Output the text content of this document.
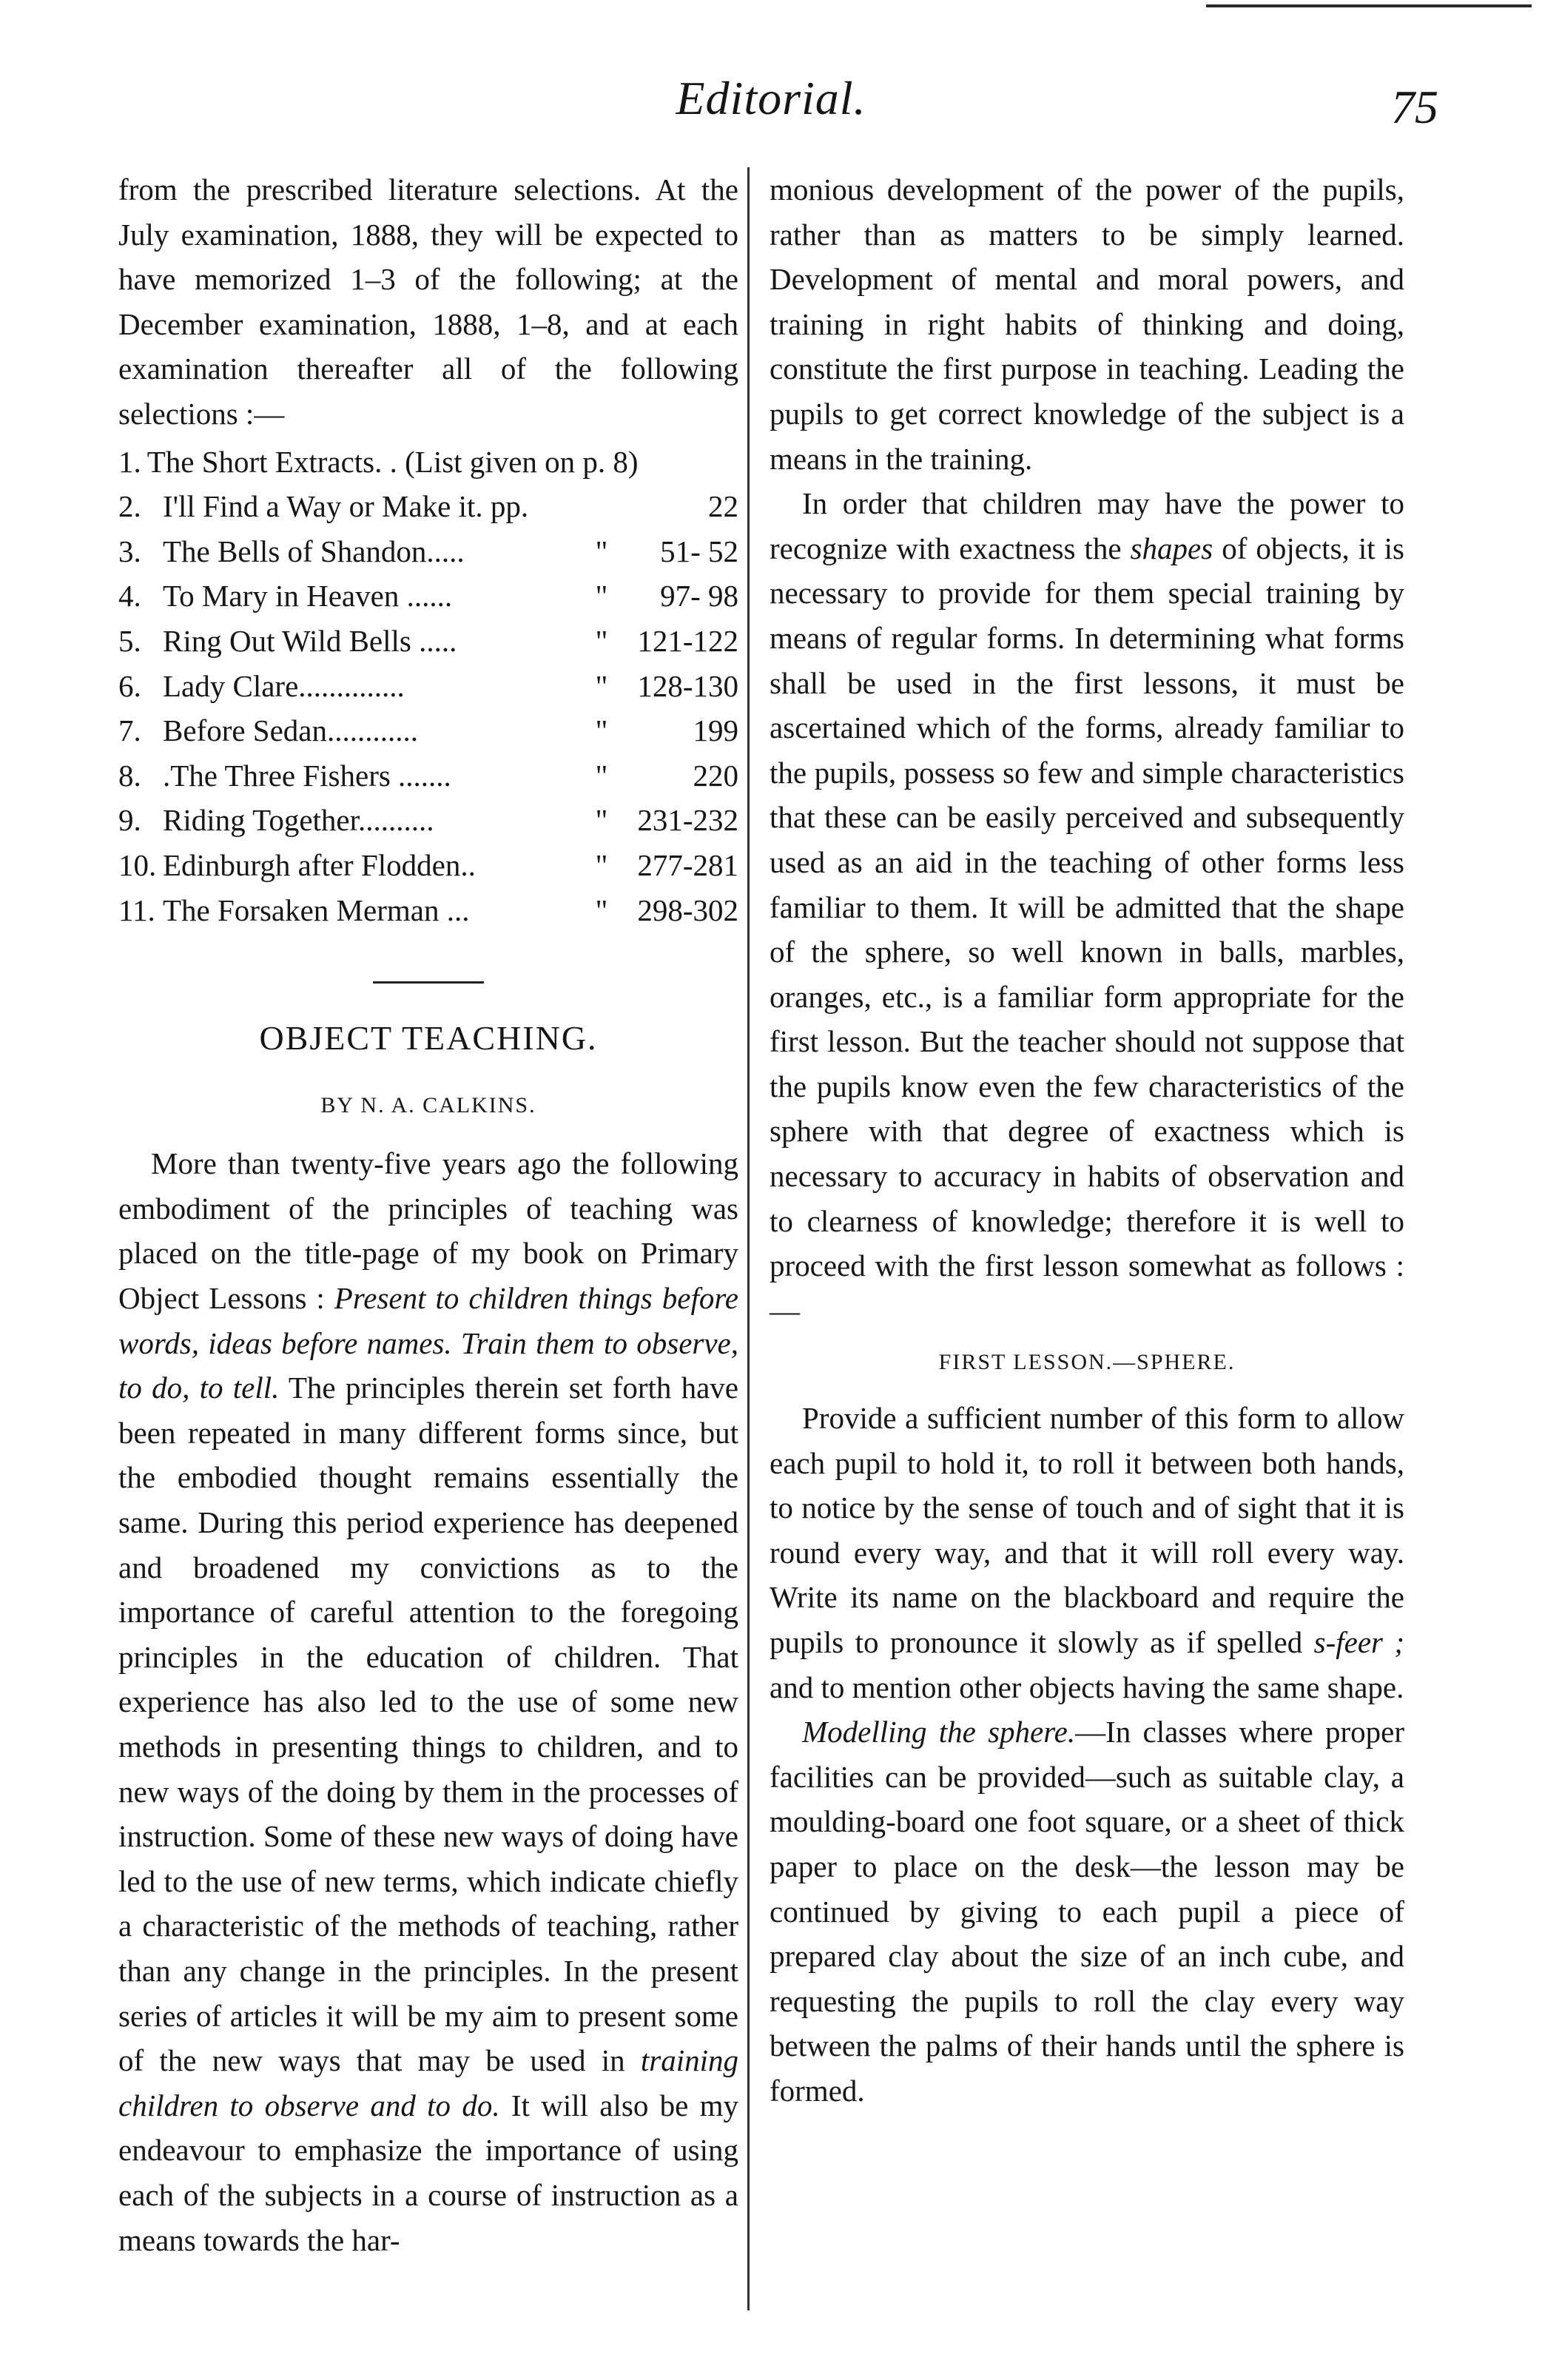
Editorial.	75

from the prescribed literature selections. At the July examination, 1888, they will be expected to have memorized 1–3 of the following; at the December examination, 1888, 1–8, and at each examination thereafter all of the following selections :—

1. The Short Extracts. . (List given on p. 8)
2. I'll Find a Way or Make it. pp.	22
3. The Bells of Shandon.....	"	51- 52
4. To Mary in Heaven ......	"	97- 98
5. Ring Out Wild Bells .....	" 121-122
6. Lady Clare..............	" 128-130
7. Before Sedan............	"	199
8. .The Three Fishers .......	"	220
9. Riding Together..........	" 231-232
10. Edinburgh after Flodden..	" 277-281
11. The Forsaken Merman ...	" 298-302
OBJECT TEACHING.
BY N. A. CALKINS.

More than twenty-five years ago the following embodiment of the principles of teaching was placed on the title-page of my book on Primary Object Lessons : Present to children things before words, ideas before names. Train them to observe, to do, to tell. The principles therein set forth have been repeated in many different forms since, but the embodied thought remains essentially the same. During this period experience has deepened and broadened my convictions as to the importance of careful attention to the foregoing principles in the education of children. That experience has also led to the use of some new methods in presenting things to children, and to new ways of the doing by them in the processes of instruction. Some of these new ways of doing have led to the use of new terms, which indicate chiefly a characteristic of the methods of teaching, rather than any change in the principles. In the present series of articles it will be my aim to present some of the new ways that may be used in training children to observe and to do. It will also be my endeavour to emphasize the importance of using each of the subjects in a course of instruction as a means towards the har-

monious development of the power of the pupils, rather than as matters to be simply learned. Development of mental and moral powers, and training in right habits of thinking and doing, constitute the first purpose in teaching. Leading the pupils to get correct knowledge of the subject is a means in the training.

In order that children may have the power to recognize with exactness the shapes of objects, it is necessary to provide for them special training by means of regular forms. In determining what forms shall be used in the first lessons, it must be ascertained which of the forms, already familiar to the pupils, possess so few and simple characteristics that these can be easily perceived and subsequently used as an aid in the teaching of other forms less familiar to them. It will be admitted that the shape of the sphere, so well known in balls, marbles, oranges, etc., is a familiar form appropriate for the first lesson. But the teacher should not suppose that the pupils know even the few characteristics of the sphere with that degree of exactness which is necessary to accuracy in habits of observation and to clearness of knowledge; therefore it is well to proceed with the first lesson somewhat as follows :—

FIRST LESSON.—SPHERE.

Provide a sufficient number of this form to allow each pupil to hold it, to roll it between both hands, to notice by the sense of touch and of sight that it is round every way, and that it will roll every way. Write its name on the blackboard and require the pupils to pronounce it slowly as if spelled s-feer ; and to mention other objects having the same shape.

Modelling the sphere.—In classes where proper facilities can be provided—such as suitable clay, a moulding-board one foot square, or a sheet of thick paper to place on the desk—the lesson may be continued by giving to each pupil a piece of prepared clay about the size of an inch cube, and requesting the pupils to roll the clay every way between the palms of their hands until the sphere is formed.
